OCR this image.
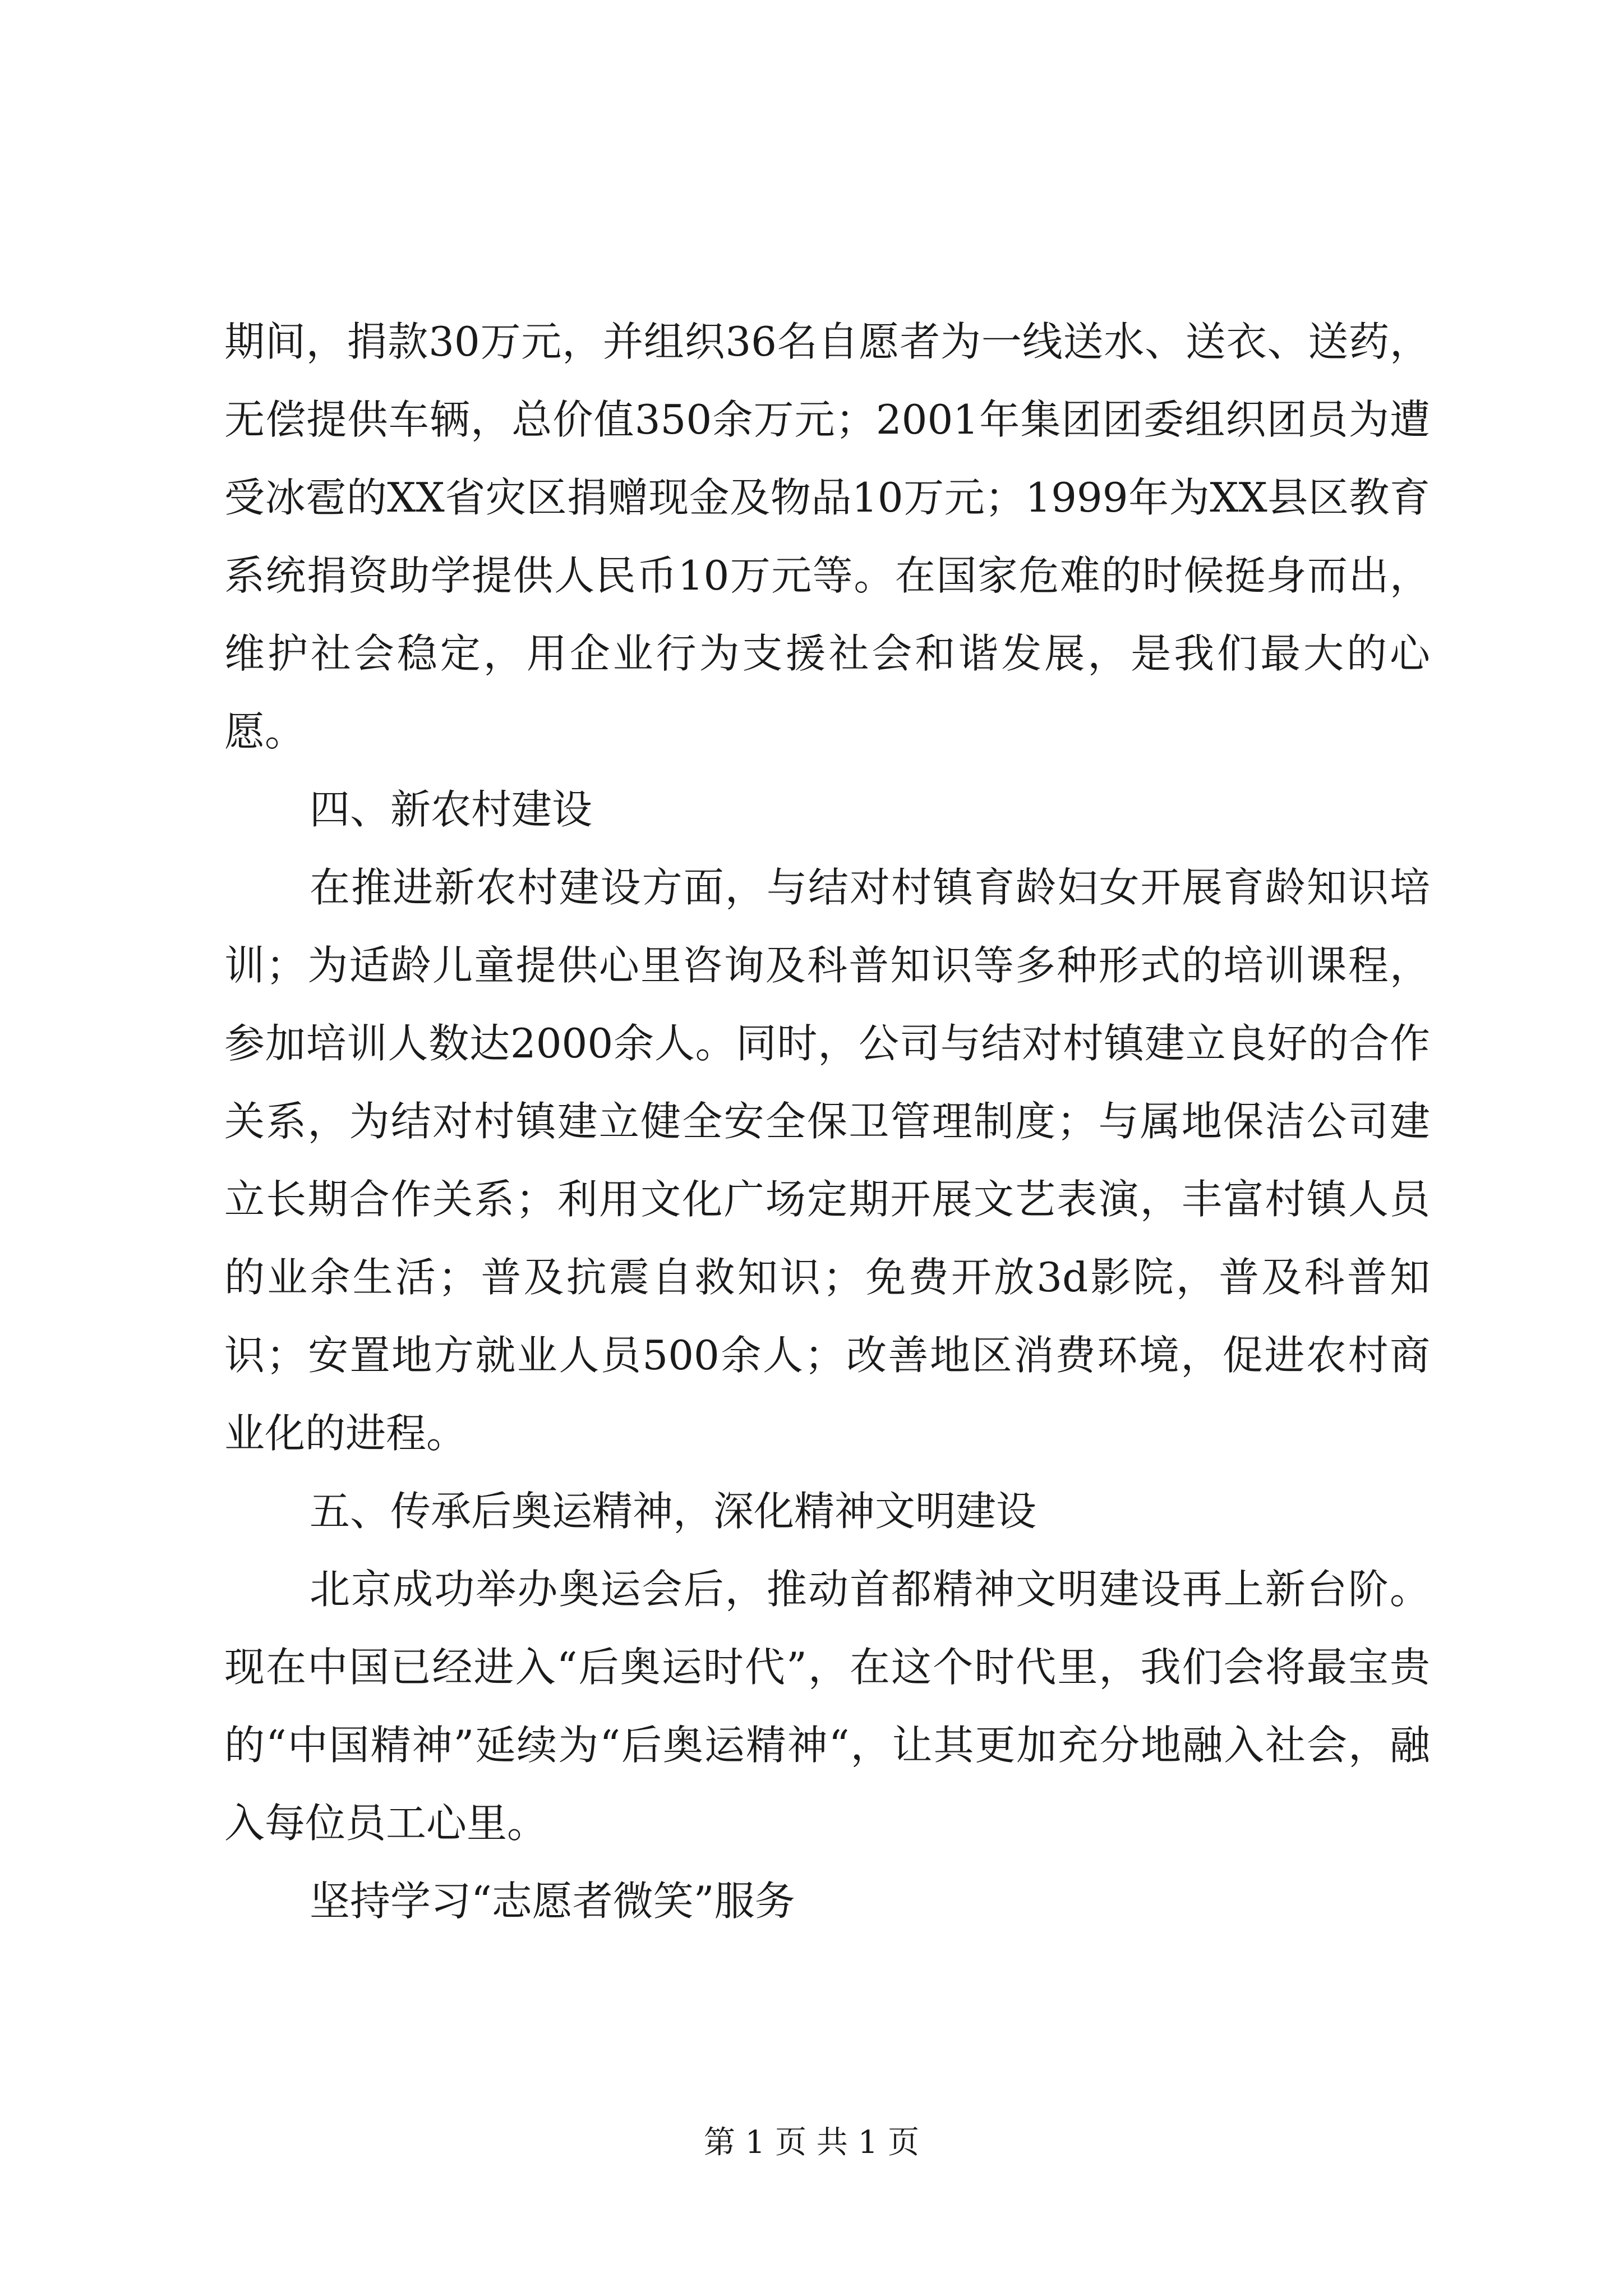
期间，捐款30万元，并组织36名自愿者为一线送水、送衣、送药，无偿提供车辆，总价值350余万元；2001年集团团委组织团员为遭受冰雹的XX省灾区捐赠现金及物品10万元；1999年为XX县区教育系统捐资助学提供人民币10万元等。在国家危难的时候挺身而出，维护社会稳定，用企业行为支援社会和谐发展，是我们最大的心愿。

四、新农村建设

在推进新农村建设方面，与结对村镇育龄妇女开展育龄知识培训；为适龄儿童提供心里咨询及科普知识等多种形式的培训课程，参加培训人数达2000余人。同时，公司与结对村镇建立良好的合作关系，为结对村镇建立健全安全保卫管理制度；与属地保洁公司建立长期合作关系；利用文化广场定期开展文艺表演，丰富村镇人员的业余生活；普及抗震自救知识；免费开放3d影院，普及科普知识；安置地方就业人员500余人；改善地区消费环境，促进农村商业化的进程。

五、传承后奥运精神，深化精神文明建设

北京成功举办奥运会后，推动首都精神文明建设再上新台阶。现在中国已经进入“后奥运时代”，在这个时代里，我们会将最宝贵的“中国精神”延续为“后奥运精神“，让其更加充分地融入社会，融入每位员工心里。

坚持学习“志愿者微笑”服务

第 1 页 共 1 页
